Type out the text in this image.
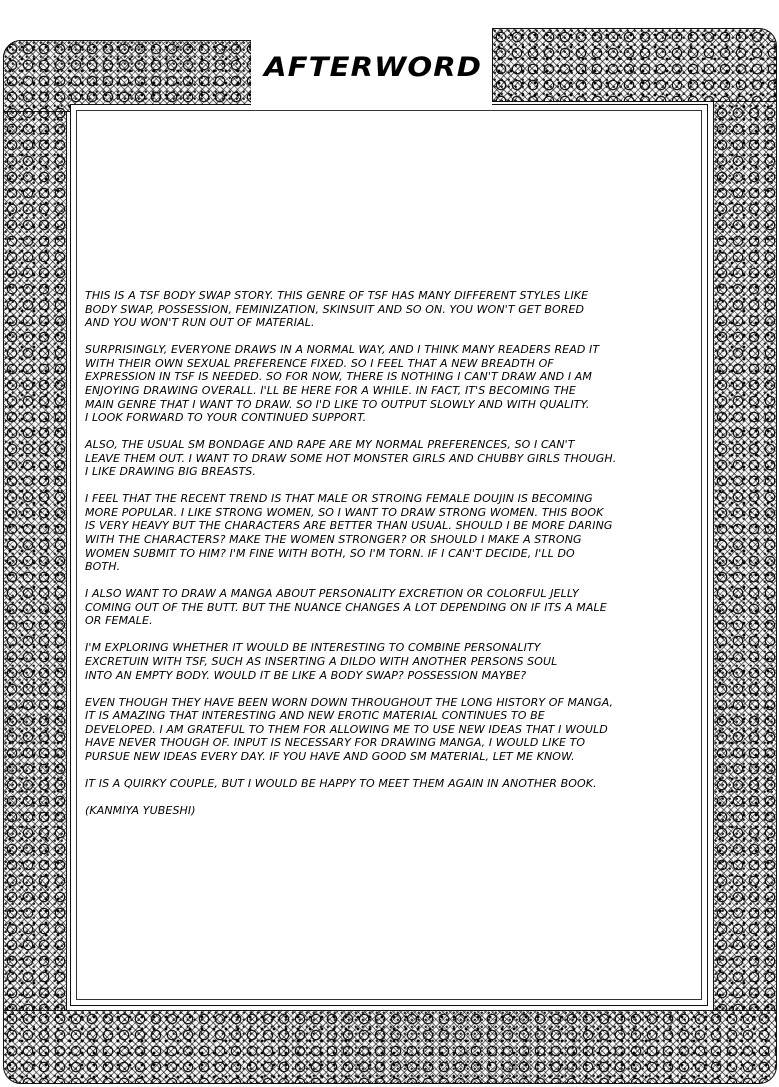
AFTERWORD

THIS IS A TSF BODY SWAP STORY. THIS GENRE OF TSF HAS MANY DIFFERENT STYLES LIKE
BODY SWAP, POSSESSION, FEMINIZATION, SKINSUIT AND SO ON. YOU WON'T GET BORED
AND YOU WON'T RUN OUT OF MATERIAL.

SURPRISINGLY, EVERYONE DRAWS IN A NORMAL WAY, AND I THINK MANY READERS READ IT
WITH THEIR OWN SEXUAL PREFERENCE FIXED. SO I FEEL THAT A NEW BREADTH OF
EXPRESSION IN TSF IS NEEDED. SO FOR NOW, THERE IS NOTHING I CAN'T DRAW AND I AM
ENJOYING DRAWING OVERALL. I'LL BE HERE FOR A WHILE. IN FACT, IT'S BECOMING THE
MAIN GENRE THAT I WANT TO DRAW. SO I'D LIKE TO OUTPUT SLOWLY AND WITH QUALITY.
I LOOK FORWARD TO YOUR CONTINUED SUPPORT.

ALSO, THE USUAL SM BONDAGE AND RAPE ARE MY NORMAL PREFERENCES, SO I CAN'T
LEAVE THEM OUT. I WANT TO DRAW SOME HOT MONSTER GIRLS AND CHUBBY GIRLS THOUGH.
I LIKE DRAWING BIG BREASTS.

I FEEL THAT THE RECENT TREND IS THAT MALE OR STROING FEMALE DOUJIN IS BECOMING
MORE POPULAR. I LIKE STRONG WOMEN, SO I WANT TO DRAW STRONG WOMEN. THIS BOOK
IS VERY HEAVY BUT THE CHARACTERS ARE BETTER THAN USUAL. SHOULD I BE MORE DARING
WITH THE CHARACTERS? MAKE THE WOMEN STRONGER? OR SHOULD I MAKE A STRONG
WOMEN SUBMIT TO HIM? I'M FINE WITH BOTH, SO I'M TORN. IF I CAN'T DECIDE, I'LL DO
BOTH.

I ALSO WANT TO DRAW A MANGA ABOUT PERSONALITY EXCRETION OR COLORFUL JELLY
COMING OUT OF THE BUTT. BUT THE NUANCE CHANGES A LOT DEPENDING ON IF ITS A MALE
OR FEMALE.

I'M EXPLORING WHETHER IT WOULD BE INTERESTING TO COMBINE PERSONALITY
EXCRETUIN WITH TSF, SUCH AS INSERTING A DILDO WITH ANOTHER PERSONS SOUL
INTO AN EMPTY BODY. WOULD IT BE LIKE A BODY SWAP? POSSESSION MAYBE?

EVEN THOUGH THEY HAVE BEEN WORN DOWN THROUGHOUT THE LONG HISTORY OF MANGA,
IT IS AMAZING THAT INTERESTING AND NEW EROTIC MATERIAL CONTINUES TO BE
DEVELOPED. I AM GRATEFUL TO THEM FOR ALLOWING ME TO USE NEW IDEAS THAT I WOULD
HAVE NEVER THOUGH OF. INPUT IS NECESSARY FOR DRAWING MANGA, I WOULD LIKE TO
PURSUE NEW IDEAS EVERY DAY. IF YOU HAVE AND GOOD SM MATERIAL, LET ME KNOW.

IT IS A QUIRKY COUPLE, BUT I WOULD BE HAPPY TO MEET THEM AGAIN IN ANOTHER BOOK.

(KANMIYA YUBESHI)
